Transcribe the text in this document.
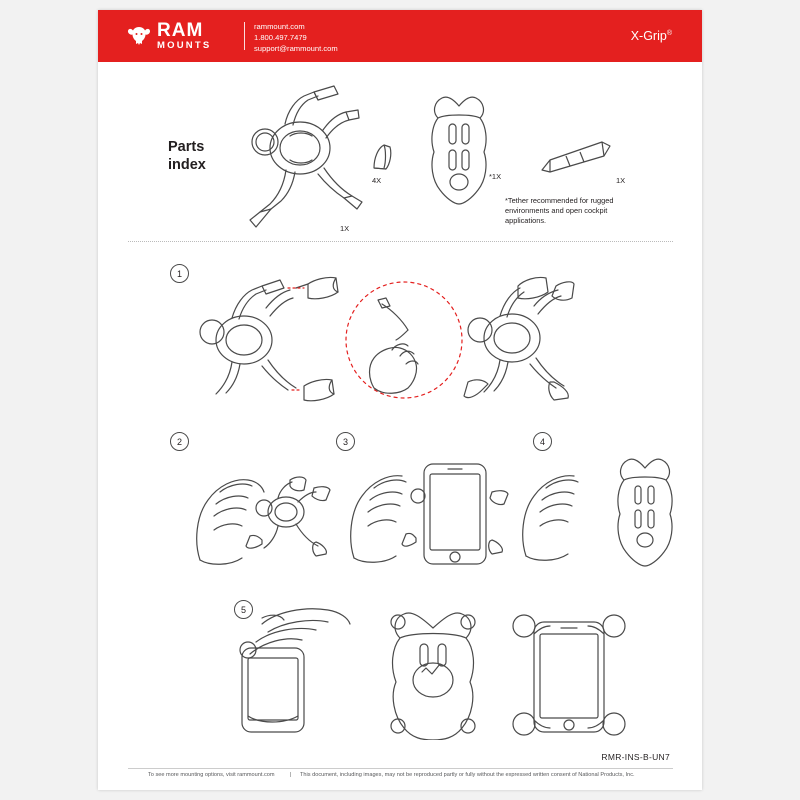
RAM
MOUNTS
rammount.com
1.800.497.7479
support@rammount.com
X-Grip®
Parts
index
1X
4X	*1X	1X
*Tether recommended for rugged environments and open cockpit applications.
1
2	3	4
5
RMR-INS-B-UN7
To see more mounting options, visit rammount.com	| This document, including images, may not be reproduced partly or fully without the expressed written consent of National Products, Inc.
